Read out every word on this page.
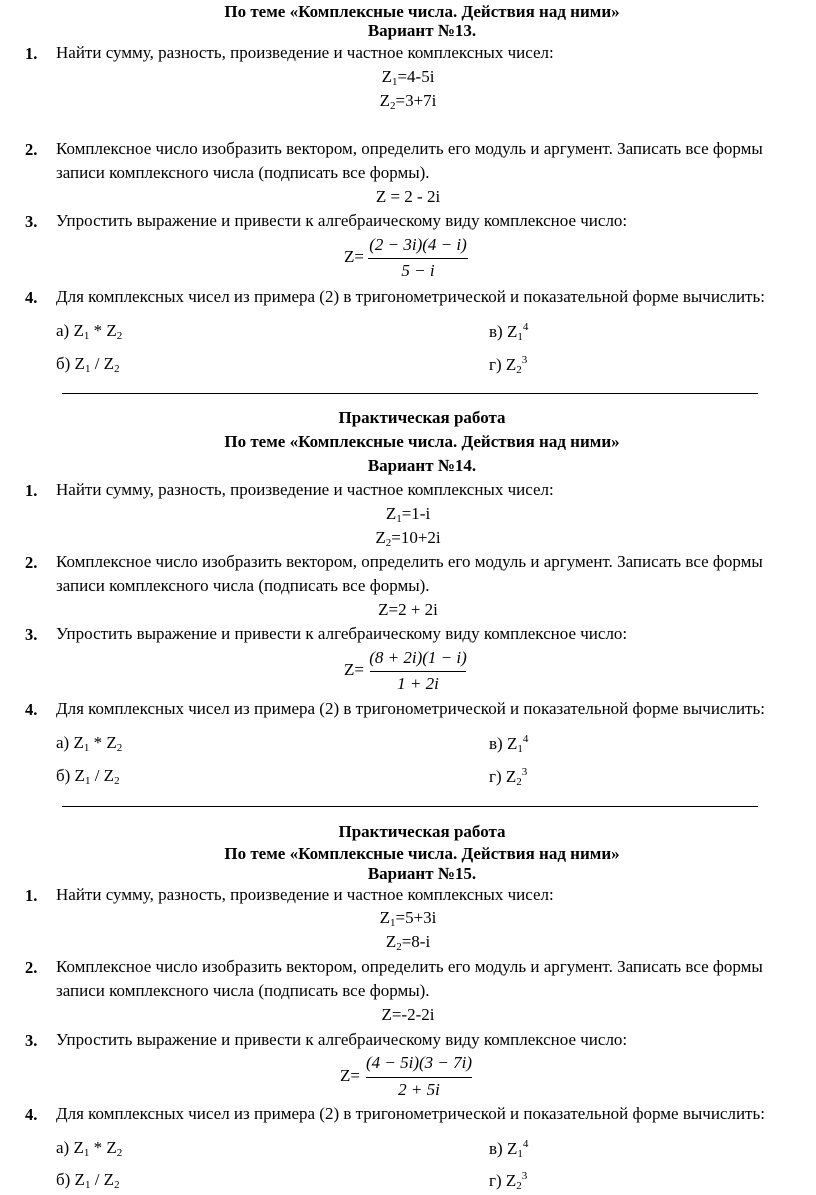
По теме «Комплексные числа. Действия над ними»
Вариант №13.
1. Найти сумму, разность, произведение и частное комплексных чисел:
$Z_1=4-5i$
$Z_2=3+7i$
2. Комплексное число изобразить вектором, определить его модуль и аргумент. Записать все формы
записи комплексного числа (подписать все формы).
Z = 2 - 2i
3. Упростить выражение и привести к алгебраическому виду комплексное число:
Z=
(2 − 3i)(4 − i)
5 − i
4. Для комплексных чисел из примера (2) в тригонометрической и показательной форме вычислить:
а) $Z_1 * Z_2$	в) $Z_1^4$
б) $Z_1 / Z_2$	г) $Z_2^3$
Практическая работа
По теме «Комплексные числа. Действия над ними»
Вариант №14.
1. Найти сумму, разность, произведение и частное комплексных чисел:
$Z_1=1-i$
$Z_2=10+2i$
2. Комплексное число изобразить вектором, определить его модуль и аргумент. Записать все формы
записи комплексного числа (подписать все формы).
Z=2 + 2i
3. Упростить выражение и привести к алгебраическому виду комплексное число:
Z=
(8 + 2i)(1 − i)
1 + 2i
4. Для комплексных чисел из примера (2) в тригонометрической и показательной форме вычислить:
а) $Z_1 * Z_2$	в) $Z_1^4$
б) $Z_1 / Z_2$	г) $Z_2^3$
Практическая работа
По теме «Комплексные числа. Действия над ними»
Вариант №15.
1. Найти сумму, разность, произведение и частное комплексных чисел:
$Z_1=5+3i$
$Z_2=8-i$
2. Комплексное число изобразить вектором, определить его модуль и аргумент. Записать все формы
записи комплексного числа (подписать все формы).
Z=-2-2i
3. Упростить выражение и привести к алгебраическому виду комплексное число:
Z=
(4 − 5i)(3 − 7i)
2 + 5i
4. Для комплексных чисел из примера (2) в тригонометрической и показательной форме вычислить:
а) $Z_1 * Z_2$	в) $Z_1^4$
б) $Z_1 / Z_2$	г) $Z_2^3$
